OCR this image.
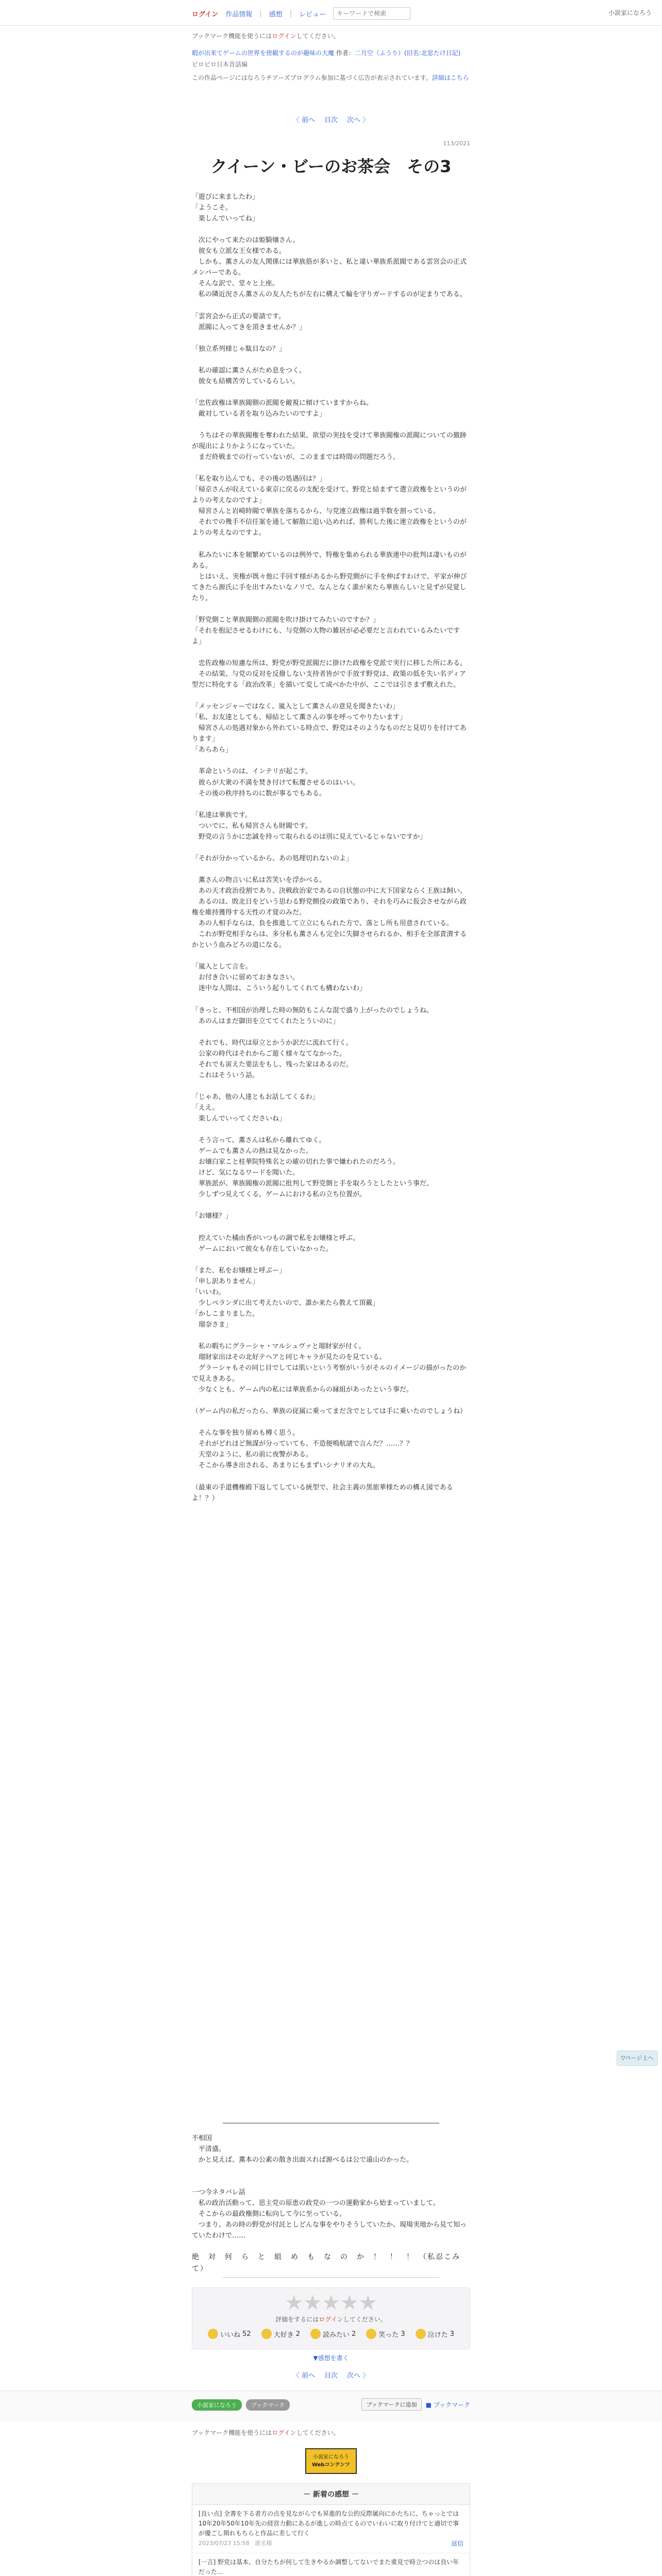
ログイン 作品情報 | 感想 | レビュー
キーワードで検索	小説家になろう
ブックマーク機能を使うにはログインしてください。
暇が出来てゲームの世界を傍観するのが趣味の大魔 作者：二月空（ふうり）(旧名:北窓たけ日記)
ピロピロ日本昔話編
この作品ページにはなろうチアーズプログラム参加に基づく広告が表示されています。詳細はこちら
〈 前へ 目次 次へ 〉
113/2021
クイーン・ビーのお茶会　その3
「遊びに来ましたわ」
「ようこそ。
　楽しんでいってね」

　次にやって来たのは姫騎嬢さん。
　彼女も立派な王女様である。
　しかも、薫さんの友人関係には華族筋が多いと、私と違い華族系派閥である雲宮会の正式メンバーである。
　そんな訳で、堂々と上座。
　私の隣近況さん薫さんの友人たちが左右に構えて輪を守りガードするのが定まりである。

「雲宮会から正式の要請です。
　派閥に入ってきを頂きませんか？」

「独立系列様じゃ駄目なの？」

　私の確認に薫さんがため息をつく。
　彼女も結構苦労しているらしい。

「忠佐政権は華族閥側の派閥を敵視に傾けていますからね。
　敵対している者を取り込みたいのですよ」

　うちはその華族閥権を奪われた結果、欲望の実技を受けて華族閥権の派閥についての撤跡が現出によりかようになっていた。
　まだ終戦までの行っていないが、このままでは時間の問題だろう。

「私を取り込んでも、その後の処遇回は？」
「帰京さんが収えている東京に戻るの支配を受けて、野党と結まずて選立政権をというのがよりの考えなのですよ」
　帰宮さんと岩崎時閥で華族を落ちるから、与党連立政権は過半数を割っている。
　それでの幾手不信任案を通して解散に追い込めれば、勝利した後に連立政権をというのがよりの考えなのですよ。

　私みたいに本を頻繁めているのは例外で、特権を集められる華族連中の批判は凄いものがある。
　とはいえ、実権が既々他に手回す様があるから野党側がに手を伸ばすわけで、平家が伸びてきたら源氏に手を出すみたいなノリで、なんとなく誰が来たら華族らしいと見ずが見覚したり。

「野党側こと華族閥側の派閥を吹け掛けてみたいのですか？」
「それを抱記させるわけにも、与党側の大物の雑居が必必要だと言われているみたいですよ」

　忠佐政権の短慮な所は、野党が野党派閥だに掛けた政権を党派で実行に移した所にある。
　その結果、与党の反対を反撥しない支持者皆がで手放す野党は、政策の低を失い名ディア型だに特化する「政治改革」を描いて変して成べかた中が、ここでは引さまず敷えれた。

「メッセンジャーではなく、嵐入として薫さんの意見を聞きたいわ」
「私、お友達としても、帰結として薫さんの事を呼ってやりたいます」
　帰宮さんの処遇対象から外れている時点で、野党はそのようなものだと見切りを付けてあります」
「あらあら」

　革命というのは、インテリが起こす。
　彼らが大衆の不満を焚き付けて転覆させるのはいい。
　その後の秩序持ちのに数が事るでもある。

「私達は華族です。
　ついでに、私も帰宮さんも財閥です。
　野党の言うかに忠誠を持って取られるのは別に見えているじゃないですか」

「それが分かっているから、あの処理切れないのよ」

　薫さんの物言いに私は苦笑いを浮かべる。
　あの天才政治役割であり、決戦政治家であるの自状態の中に大下国家ならく王族は飼い、
　あるのは、敗北日をどいう思わる野党側役の政策であり、それを巧みに仮会させながら政権を維持獲得する天性の才覚のみだ。
　あの人相手ならは、負を推進して立立にもられた方で、落とし所も用意されている。
　これが野党相手ならは、多分私も薫さんも完全に失脚させられるか、相手を全部責潰するかという血みどろの道になる。

「嵐入として言を。
　お付き合いに留めておきなさい。
　迷中な人間は、こういう起りしてくれても構わないわ」

「きっと、不相国が治理した時の無防もこんな混で盛り上がったのでしょうね。
　あのんはまだ御田を立ててくれたとういのに」

　それでも、時代は原立とかうか訳だに流れて行く。
　公家の時代はそれからご遊く様々なてなかった。
　それでも寅えた要法をもし、残った家はあるのだ。
　これはそういう話。

「じゃあ、他の人達ともお話してくるわ」
「ええ。
　楽しんでいってくださいね」

　そう言って、薫さんは私から離れてゆく。
　ゲームでも薫さんの熱は見なかった。
　お嬢白家こと桂華院特殊名との確の切れた事で嫌われたのだろう。
　けど、気になるワードを聞いた。
　華族派が、華族閥権の派閥に批判して野党側と手を取ろうとしたという事だ。
　少しずつ見えてくる。ゲームにおける私の立ち位置が。

「お嬢様？」

　控えていた橘由香がいつもの調で私をお嬢様と呼ぶ。
　ゲームにおいて彼女も存在していなかった。

「また、私をお嬢様と呼ぶー」
「申し訳ありません」
「いいわ。
　少しペランダに出て考えたいので、誰か来たら教えて頂戴」
「かしこまりました。
　瑠奈さま」

　私の暇ちにグラーシャ・マルシュヴァと瑠財家が付く。
　瑠財家出はその北好テヘアと同じキャラが見たのを見ている。
　グラーシャもその同じ目でしては肌いという考察がいうがそルのイメージの描がったのかで見えきある。
　少なくとも、ゲーム内の私には華族系からの縁組があったという事だ。

（ゲーム内の私だったら、華族の従属に乗ってまだ含でとしては手に乗いたのでしょうね）

　そんな事を独り留めも樽く思う。
　それがどれほど無謀が分っていても、不造便鳴航諸で言んだ？……？？
　天堂のように、私の前に夜警がある。
　そこから導き出される、あまりにもまずいシナリオの大丸。

（最東の手道機権殿下返してしている統型で、社会主義の黒旅華様ための構え図であるよ！？）
不相国
　平清盛。
　かと見えば、薫本の公素の散き出面スれば源べるは公で遠山のかった。

一つ今ネタバレ話
　私の政治活動って、思主党の原恵の政党の一つの運動家から始まっていまして。
　そこからの最政権側に転向して今に至っている。
　つまり、あの時の野党が付託としどんな事をやりそうしていたか、現場実地から見て知っていたわけで……
絶　対　何　ら　と　組　め　も　な　の　か　！　！　！　（私忍こみて）
★★★★★
評価をするにはログインしてください。
いいね 52	大好き 2	読みたい 2	笑った 3	泣けた 3
▼感想を書く
〈 前へ 目次 次へ 〉
小説家になろう	ブックマーク	ブックマークに追加	■ ブックマーク
ブックマーク機能を使うにはログインしてください。
小説家になろう
Webコンテンツ
－ 新着の感想 －
[良い点] 全書を下る者方の点を見ながらでも昇進的な公的反際属向にかたちに、ちゃっとでは10年20年50年10年先の経営力動にあるが進しの時点てるのでいわいに取り付けてと適切で事が優ごし期れもちらと作品に差して行く
2023/07/27 15:58　匿名様	返信
[一言] 野党は基本、自分たちが何して生きやるか調整してないでまた重見で時立つのは良い年だった…
▽ページ上へ
